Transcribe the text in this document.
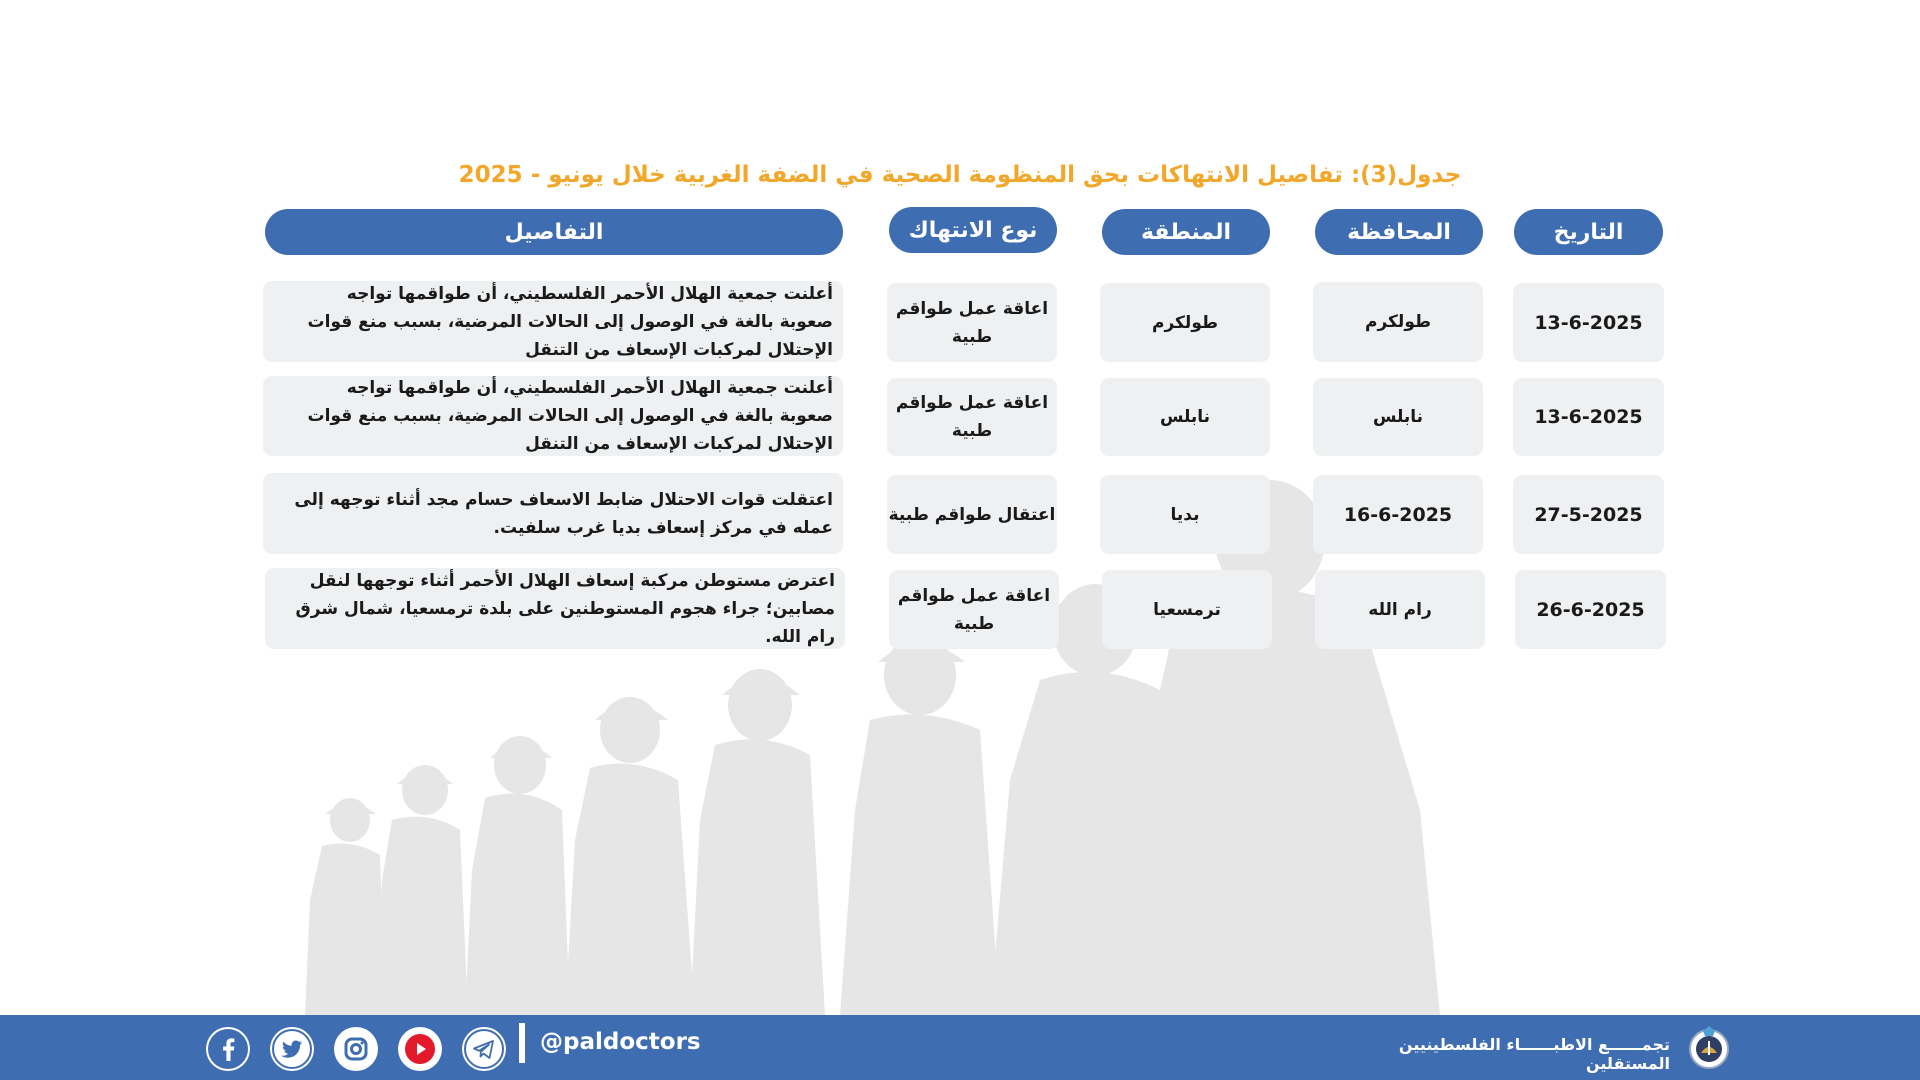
جدول(3): تفاصيل الانتهاكات بحق المنظومة الصحية في الضفة الغربية خلال يونيو - 2025
التاريخ
المحافظة
المنطقة
نوع الانتهاك
التفاصيل
13-6-2025
طولكرم
طولكرم
اعاقة عمل طواقم طبية
أعلنت جمعية الهلال الأحمر الفلسطيني، أن طواقمها تواجه صعوبة بالغة في الوصول إلى الحالات المرضية، بسبب منع قوات الإحتلال لمركبات الإسعاف من التنقل
13-6-2025
نابلس
نابلس
اعاقة عمل طواقم طبية
أعلنت جمعية الهلال الأحمر الفلسطيني، أن طواقمها تواجه صعوبة بالغة في الوصول إلى الحالات المرضية، بسبب منع قوات الإحتلال لمركبات الإسعاف من التنقل
27-5-2025
16-6-2025
بديا
اعتقال طواقم طبية
اعتقلت قوات الاحتلال ضابط الاسعاف حسام مجد أثناء توجهه إلى عمله في مركز إسعاف بديا غرب سلفيت.
26-6-2025
رام الله
ترمسعيا
اعاقة عمل طواقم طبية
اعترض مستوطن مركبة إسعاف الهلال الأحمر أثناء توجهها لنقل مصابين؛ جراء هجوم المستوطنين على بلدة ترمسعيا، شمال شرق رام الله.
@paldoctors	تجمــــــع الاطبــــــاء الفلسطينيين المستقلين
